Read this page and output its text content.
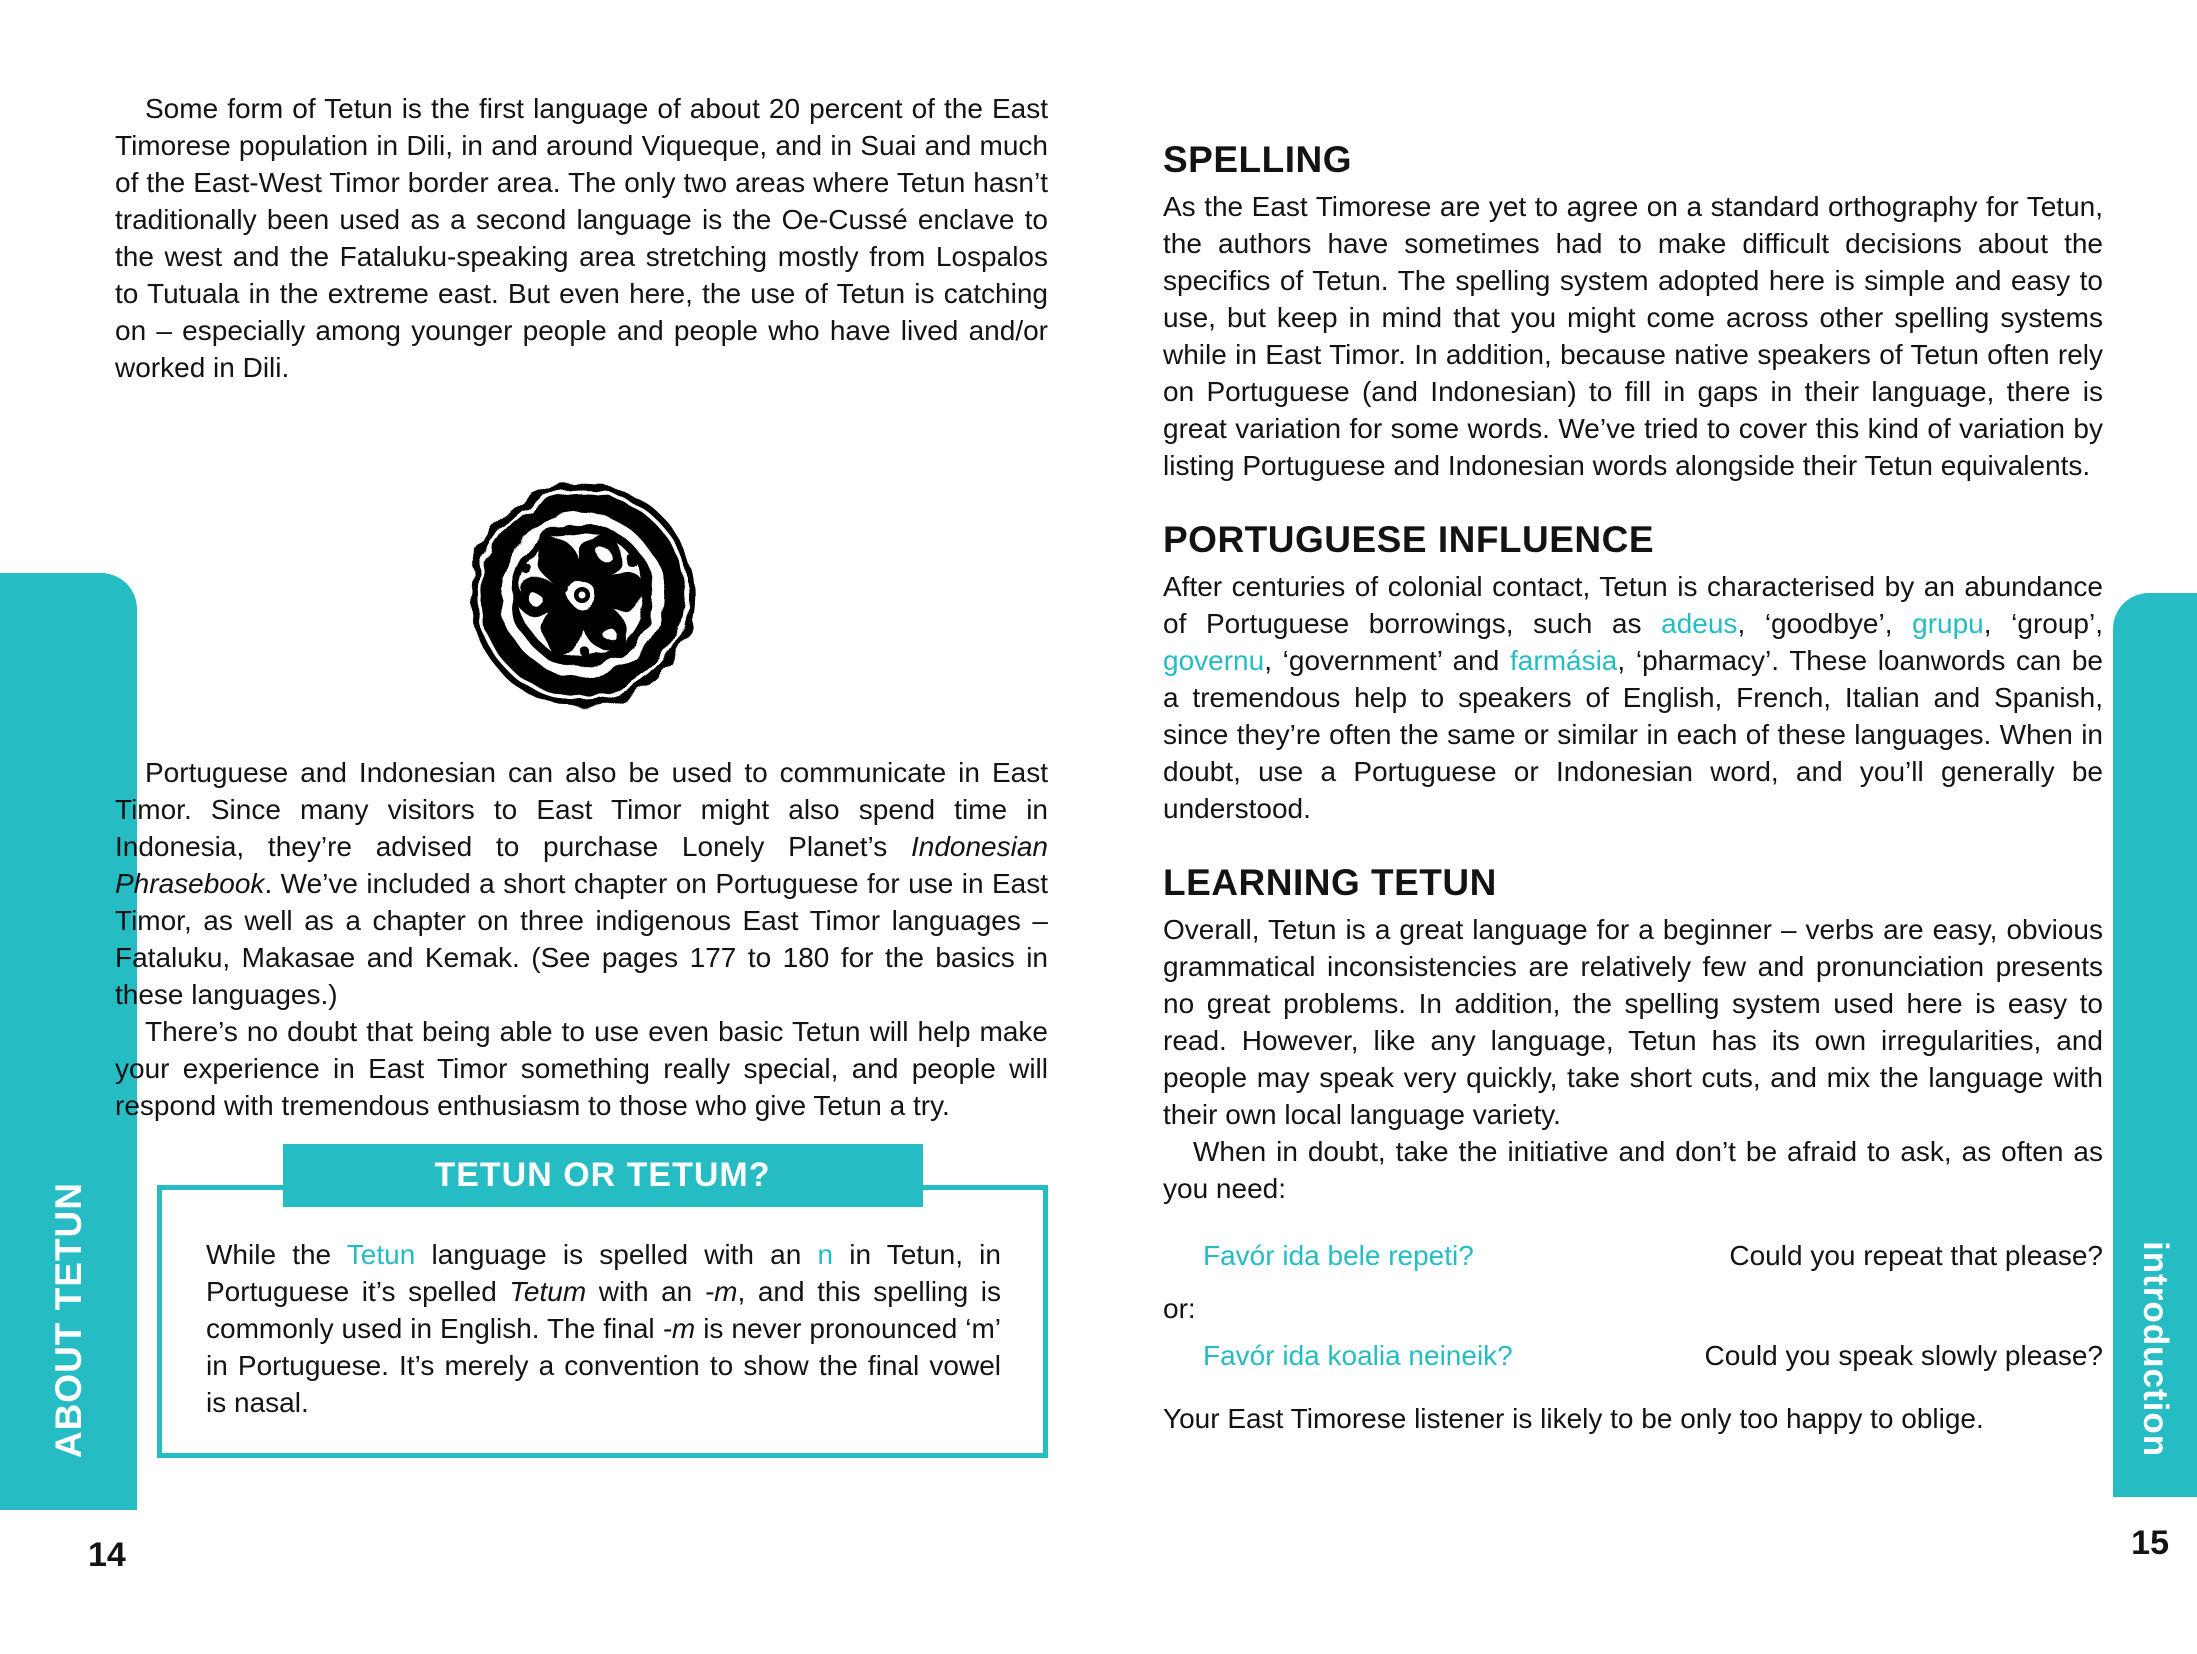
ABOUT TETUN	introduction
14	15

Some form of Tetun is the first language of about 20 percent of the East Timorese population in Dili, in and around Viqueque, and in Suai and much of the East-West Timor border area. The only two areas where Tetun hasn’t traditionally been used as a second language is the Oe-Cussé enclave to the west and the Fataluku-speaking area stretching mostly from Lospalos to Tutuala in the extreme east. But even here, the use of Tetun is catching on – especially among younger people and people who have lived and/or worked in Dili.

Portuguese and Indonesian can also be used to communicate in East Timor. Since many visitors to East Timor might also spend time in Indonesia, they’re advised to purchase Lonely Planet’s Indonesian Phrasebook. We’ve included a short chapter on Portuguese for use in East Timor, as well as a chapter on three indigenous East Timor languages – Fataluku, Makasae and Kemak. (See pages 177 to 180 for the basics in these languages.)

There’s no doubt that being able to use even basic Tetun will help make your experience in East Timor something really special, and people will respond with tremendous enthusiasm to those who give Tetun a try.

TETUN OR TETUM?

While the Tetun language is spelled with an n in Tetun, in Portuguese it’s spelled Tetum with an -m, and this spelling is commonly used in English. The final -m is never pronounced ‘m’ in Portuguese. It’s merely a convention to show the final vowel is nasal.

SPELLING

As the East Timorese are yet to agree on a standard orthography for Tetun, the authors have sometimes had to make difficult decisions about the specifics of Tetun. The spelling system adopted here is simple and easy to use, but keep in mind that you might come across other spelling systems while in East Timor. In addition, because native speakers of Tetun often rely on Portuguese (and Indonesian) to fill in gaps in their language, there is great variation for some words. We’ve tried to cover this kind of variation by listing Portuguese and Indonesian words alongside their Tetun equivalents.

PORTUGUESE INFLUENCE

After centuries of colonial contact, Tetun is characterised by an abundance of Portuguese borrowings, such as adeus, ‘goodbye’, grupu, ‘group’, governu, ‘government’ and farmásia, ‘pharmacy’. These loanwords can be a tremendous help to speakers of English, French, Italian and Spanish, since they’re often the same or similar in each of these languages. When in doubt, use a Portuguese or Indonesian word, and you’ll generally be understood.

LEARNING TETUN

Overall, Tetun is a great language for a beginner – verbs are easy, obvious grammatical inconsistencies are relatively few and pronunciation presents no great problems. In addition, the spelling system used here is easy to read. However, like any language, Tetun has its own irregularities, and people may speak very quickly, take short cuts, and mix the language with their own local language variety.

When in doubt, take the initiative and don’t be afraid to ask, as often as you need:

Favór ida bele repeti?	Could you repeat that please?
or:
Favór ida koalia neineik?	Could you speak slowly please?

Your East Timorese listener is likely to be only too happy to oblige.
